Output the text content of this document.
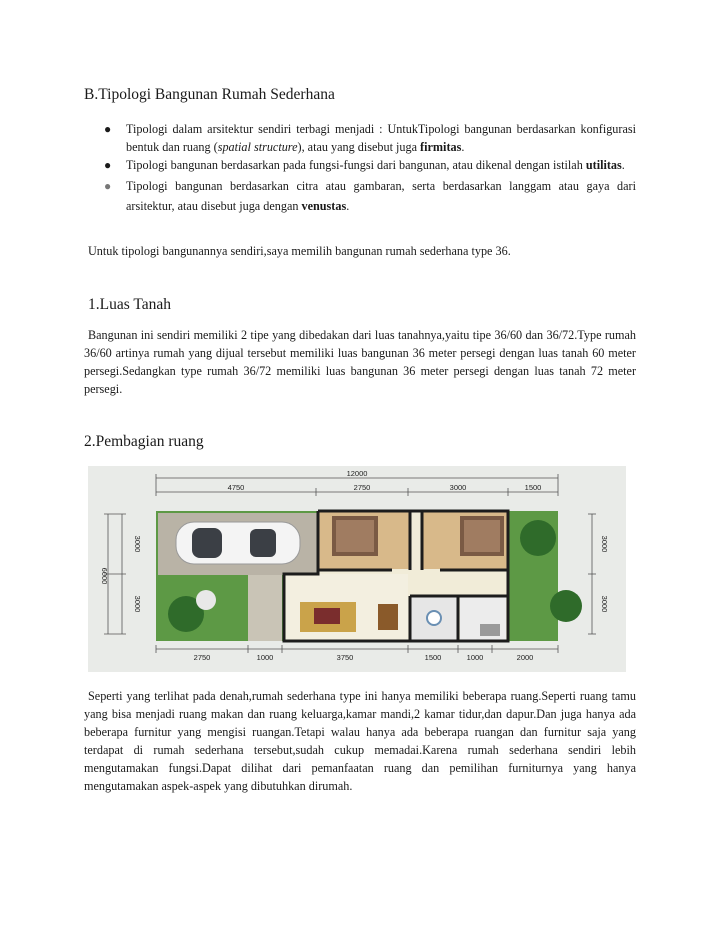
B.Tipologi Bangunan Rumah Sederhana
● Tipologi dalam arsitektur sendiri terbagi menjadi : UntukTipologi bangunan berdasarkan konfigurasi bentuk dan ruang (spatial structure), atau yang disebut juga firmitas.
● Tipologi bangunan berdasarkan pada fungsi-fungsi dari bangunan, atau dikenal dengan istilah utilitas.
● Tipologi bangunan berdasarkan citra atau gambaran, serta berdasarkan langgam atau gaya dari arsitektur, atau disebut juga dengan venustas.

Untuk tipologi bangunannya sendiri,saya memilih bangunan rumah sederhana type 36.

1.Luas Tanah

Bangunan ini sendiri memiliki 2 tipe yang dibedakan dari luas tanahnya,yaitu tipe 36/60 dan 36/72.Type rumah 36/60 artinya rumah yang dijual tersebut memiliki luas bangunan 36 meter persegi dengan luas tanah 60 meter persegi.Sedangkan type rumah 36/72 memiliki luas bangunan 36 meter persegi dengan luas tanah 72 meter persegi.

2.Pembagian ruang
12000
4750	2750	3000	1500
2750	1000	3750	1500	1000	2000
6000
3000
3000
3000
3000

Seperti yang terlihat pada denah,rumah sederhana type ini hanya memiliki beberapa ruang.Seperti ruang tamu yang bisa menjadi ruang makan dan ruang keluarga,kamar mandi,2 kamar tidur,dan dapur.Dan juga hanya ada beberapa furnitur yang mengisi ruangan.Tetapi walau hanya ada beberapa ruangan dan furnitur saja yang terdapat di rumah sederhana tersebut,sudah cukup memadai.Karena rumah sederhana sendiri lebih mengutamakan fungsi.Dapat dilihat dari pemanfaatan ruang dan pemilihan furniturnya yang hanya mengutamakan aspek-aspek yang dibutuhkan dirumah.
